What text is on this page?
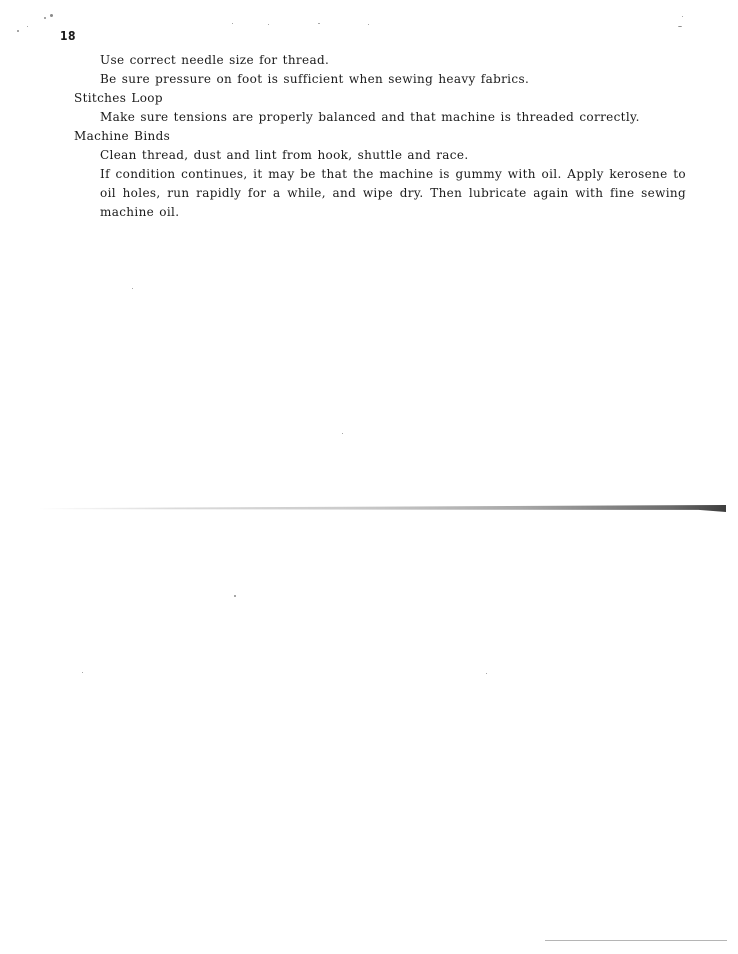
18

Use correct needle size for thread.

Be sure pressure on foot is sufficient when sewing heavy fabrics.

Stitches Loop

Make sure tensions are properly balanced and that machine is threaded correctly.

Machine Binds

Clean thread, dust and lint from hook, shuttle and race.

If condition continues, it may be that the machine is gummy with oil. Apply kerosene to oil holes, run rapidly for a while, and wipe dry. Then lubricate again with fine sewing machine oil.
